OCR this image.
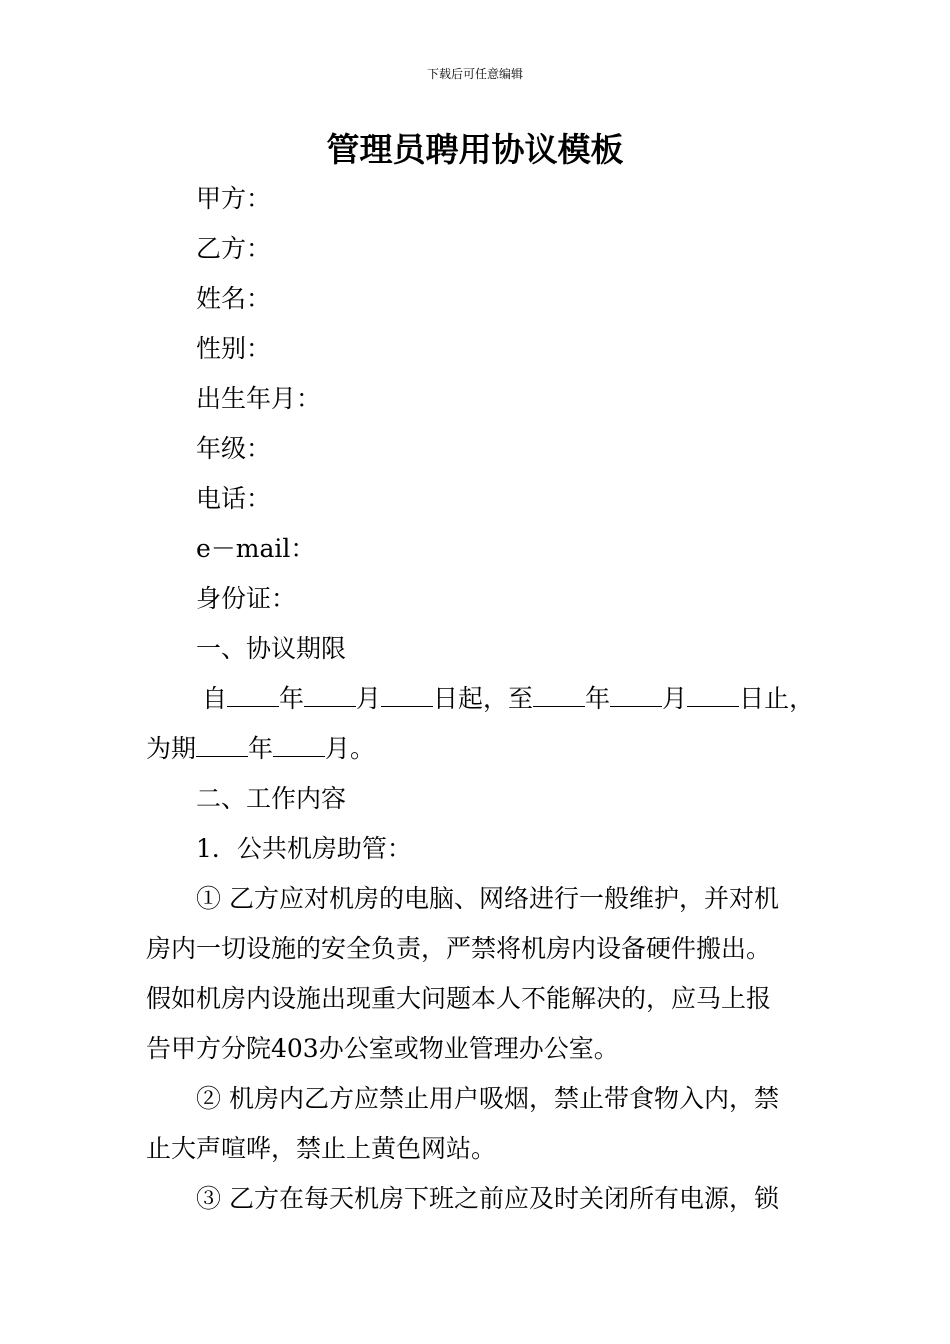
下载后可任意编辑
管理员聘用协议模板

甲方：

乙方：

姓名：

性别：

出生年月：

年级：

电话：

e－mail：

身份证：

一、协议期限

自 年 月 日起，至 年 月 日止，

为期 年 月。

二、工作内容

1．公共机房助管：

① 乙方应对机房的电脑、网络进行一般维护，并对机

房内一切设施的安全负责，严禁将机房内设备硬件搬出。

假如机房内设施出现重大问题本人不能解决的，应马上报

告甲方分院403办公室或物业管理办公室。

② 机房内乙方应禁止用户吸烟，禁止带食物入内，禁

止大声喧哗，禁止上黄色网站。

③ 乙方在每天机房下班之前应及时关闭所有电源，锁
